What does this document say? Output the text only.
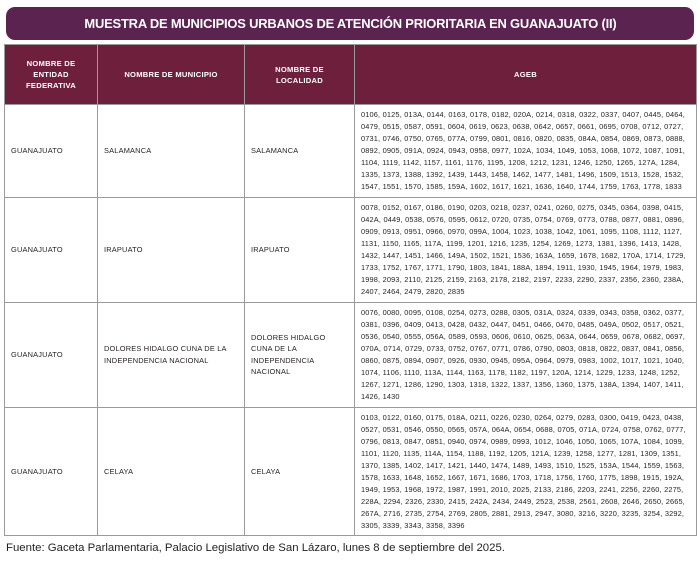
MUESTRA DE MUNICIPIOS URBANOS DE ATENCIÓN PRIORITARIA EN GUANAJUATO (II)
NOMBRE DE ENTIDAD FEDERATIVA	NOMBRE DE MUNICIPIO	NOMBRE DE LOCALIDAD	AGEB
GUANAJUATO	SALAMANCA	SALAMANCA	0106, 0125, 013A, 0144, 0163, 0178, 0182, 020A, 0214, 0318, 0322, 0337, 0407, 0445, 0464, 0479, 0515, 0587, 0591, 0604, 0619, 0623, 0638, 0642, 0657, 0661, 0695, 0708, 0712, 0727, 0731, 0746, 0750, 0765, 077A, 0799, 0801, 0816, 0820, 0835, 084A, 0854, 0869, 0873, 0888, 0892, 0905, 091A, 0924, 0943, 0958, 0977, 102A, 1034, 1049, 1053, 1068, 1072, 1087, 1091, 1104, 1119, 1142, 1157, 1161, 1176, 1195, 1208, 1212, 1231, 1246, 1250, 1265, 127A, 1284, 1335, 1373, 1388, 1392, 1439, 1443, 1458, 1462, 1477, 1481, 1496, 1509, 1513, 1528, 1532, 1547, 1551, 1570, 1585, 159A, 1602, 1617, 1621, 1636, 1640, 1744, 1759, 1763, 1778, 1833
GUANAJUATO	IRAPUATO	IRAPUATO	0078, 0152, 0167, 0186, 0190, 0203, 0218, 0237, 0241, 0260, 0275, 0345, 0364, 0398, 0415, 042A, 0449, 0538, 0576, 0595, 0612, 0720, 0735, 0754, 0769, 0773, 0788, 0877, 0881, 0896, 0909, 0913, 0951, 0966, 0970, 099A, 1004, 1023, 1038, 1042, 1061, 1095, 1108, 1112, 1127, 1131, 1150, 1165, 117A, 1199, 1201, 1216, 1235, 1254, 1269, 1273, 1381, 1396, 1413, 1428, 1432, 1447, 1451, 1466, 149A, 1502, 1521, 1536, 163A, 1659, 1678, 1682, 170A, 1714, 1729, 1733, 1752, 1767, 1771, 1790, 1803, 1841, 188A, 1894, 1911, 1930, 1945, 1964, 1979, 1983, 1998, 2093, 2110, 2125, 2159, 2163, 2178, 2182, 2197, 2233, 2290, 2337, 2356, 2360, 238A, 2407, 2464, 2479, 2820, 2835
GUANAJUATO	DOLORES HIDALGO CUNA DE LA INDEPENDENCIA NACIONAL	DOLORES HIDALGO CUNA DE LA INDEPENDENCIA NACIONAL	0076, 0080, 0095, 0108, 0254, 0273, 0288, 0305, 031A, 0324, 0339, 0343, 0358, 0362, 0377, 0381, 0396, 0409, 0413, 0428, 0432, 0447, 0451, 0466, 0470, 0485, 049A, 0502, 0517, 0521, 0536, 0540, 0555, 056A, 0589, 0593, 0606, 0610, 0625, 063A, 0644, 0659, 0678, 0682, 0697, 070A, 0714, 0729, 0733, 0752, 0767, 0771, 0786, 0790, 0803, 0818, 0822, 0837, 0841, 0856, 0860, 0875, 0894, 0907, 0926, 0930, 0945, 095A, 0964, 0979, 0983, 1002, 1017, 1021, 1040, 1074, 1106, 1110, 113A, 1144, 1163, 1178, 1182, 1197, 120A, 1214, 1229, 1233, 1248, 1252, 1267, 1271, 1286, 1290, 1303, 1318, 1322, 1337, 1356, 1360, 1375, 138A, 1394, 1407, 1411, 1426, 1430
GUANAJUATO	CELAYA	CELAYA	0103, 0122, 0160, 0175, 018A, 0211, 0226, 0230, 0264, 0279, 0283, 0300, 0419, 0423, 0438, 0527, 0531, 0546, 0550, 0565, 057A, 064A, 0654, 0688, 0705, 071A, 0724, 0758, 0762, 0777, 0796, 0813, 0847, 0851, 0940, 0974, 0989, 0993, 1012, 1046, 1050, 1065, 107A, 1084, 1099, 1101, 1120, 1135, 114A, 1154, 1188, 1192, 1205, 121A, 1239, 1258, 1277, 1281, 1309, 1351, 1370, 1385, 1402, 1417, 1421, 1440, 1474, 1489, 1493, 1510, 1525, 153A, 1544, 1559, 1563, 1578, 1633, 1648, 1652, 1667, 1671, 1686, 1703, 1718, 1756, 1760, 1775, 1898, 1915, 192A, 1949, 1953, 1968, 1972, 1987, 1991, 2010, 2025, 2133, 2186, 2203, 2241, 2256, 2260, 2275, 228A, 2294, 2326, 2330, 2415, 242A, 2434, 2449, 2523, 2538, 2561, 2608, 2646, 2650, 2665, 267A, 2716, 2735, 2754, 2769, 2805, 2881, 2913, 2947, 3080, 3216, 3220, 3235, 3254, 3292, 3305, 3339, 3343, 3358, 3396
Fuente: Gaceta Parlamentaria, Palacio Legislativo de San Lázaro, lunes 8 de septiembre del 2025.
